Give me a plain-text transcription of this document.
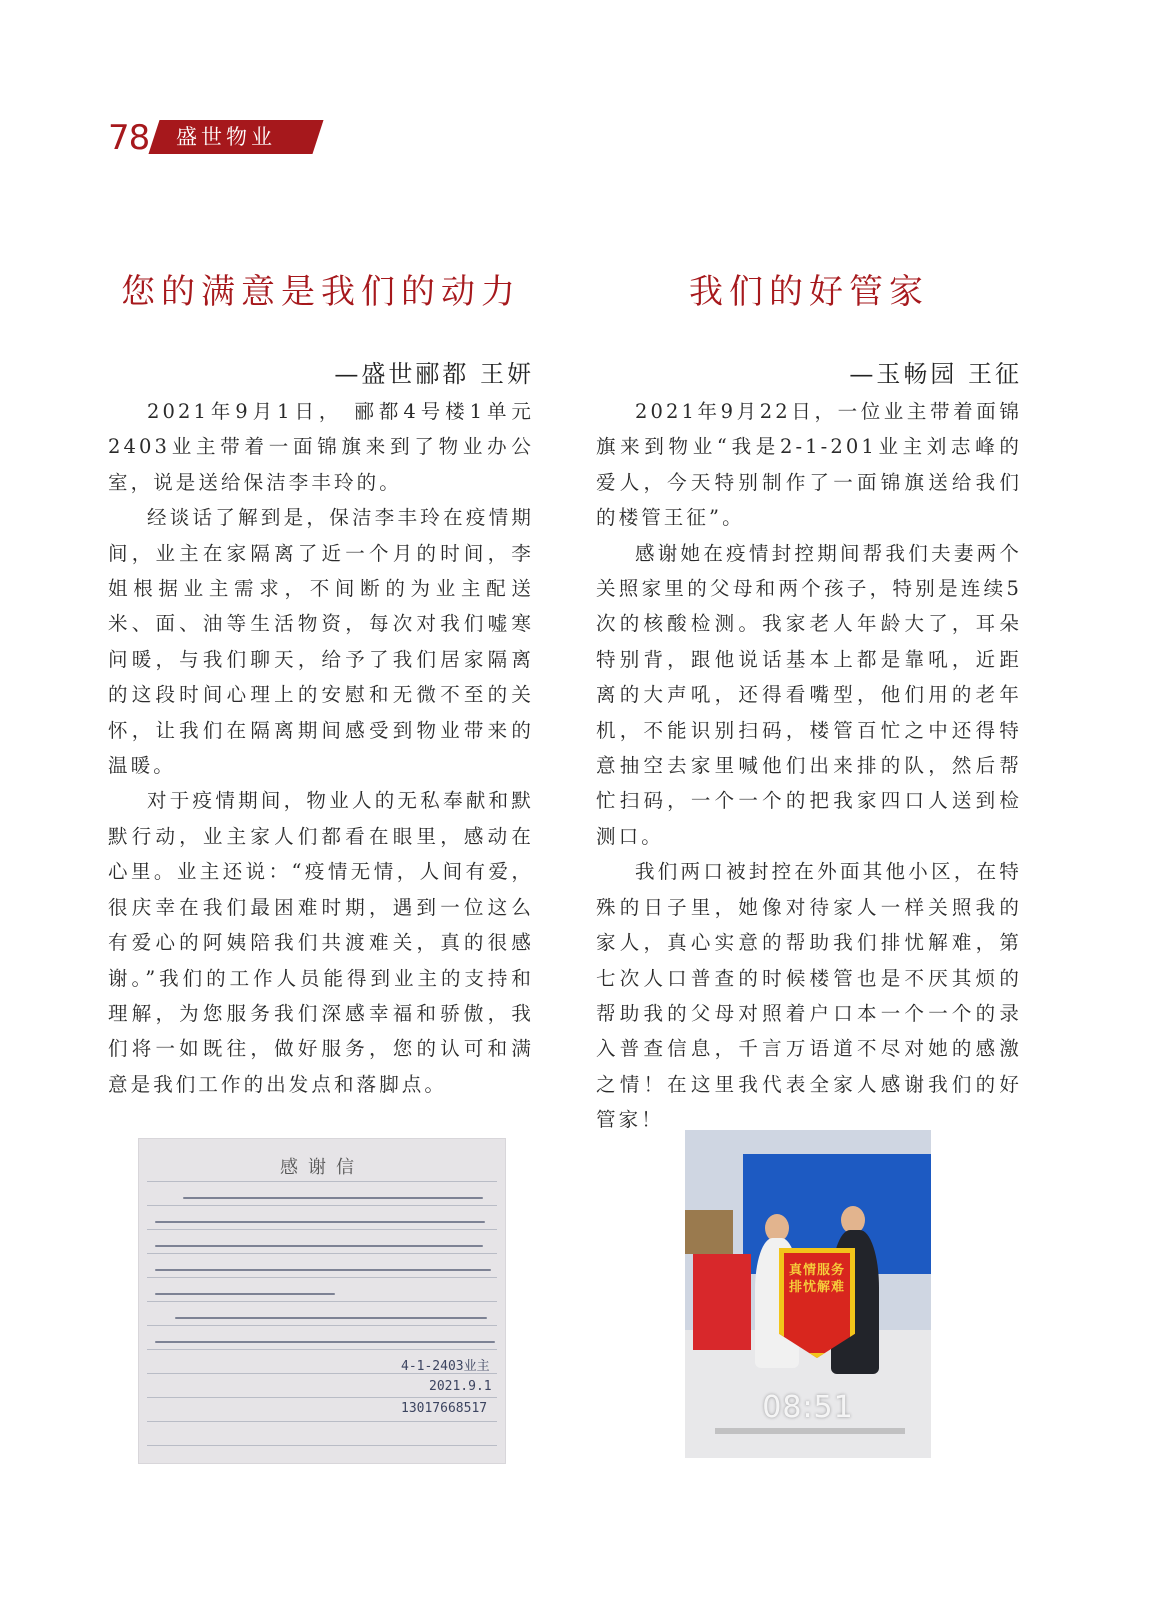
78	盛世物业
您的满意是我们的动力
—盛世郦都 王妍

2021年9月1日， 郦都4号楼1单元2403业主带着一面锦旗来到了物业办公室，说是送给保洁李丰玲的。

经谈话了解到是，保洁李丰玲在疫情期间，业主在家隔离了近一个月的时间，李姐根据业主需求，不间断的为业主配送米、面、油等生活物资，每次对我们嘘寒问暖，与我们聊天，给予了我们居家隔离的这段时间心理上的安慰和无微不至的关怀，让我们在隔离期间感受到物业带来的温暖。

对于疫情期间，物业人的无私奉献和默默行动，业主家人们都看在眼里，感动在心里。业主还说：“疫情无情，人间有爱，很庆幸在我们最困难时期，遇到一位这么有爱心的阿姨陪我们共渡难关，真的很感谢。”我们的工作人员能得到业主的支持和理解，为您服务我们深感幸福和骄傲，我们将一如既往，做好服务，您的认可和满意是我们工作的出发点和落脚点。

我们的好管家
—玉畅园 王征

2021年9月22日，一位业主带着面锦旗来到物业“我是2-1-201业主刘志峰的爱人，今天特别制作了一面锦旗送给我们的楼管王征”。

感谢她在疫情封控期间帮我们夫妻两个关照家里的父母和两个孩子，特别是连续5次的核酸检测。我家老人年龄大了，耳朵特别背，跟他说话基本上都是靠吼，近距离的大声吼，还得看嘴型，他们用的老年机，不能识别扫码，楼管百忙之中还得特意抽空去家里喊他们出来排的队，然后帮忙扫码，一个一个的把我家四口人送到检测口。

我们两口被封控在外面其他小区，在特殊的日子里，她像对待家人一样关照我的家人，真心实意的帮助我们排忧解难，第七次人口普查的时候楼管也是不厌其烦的帮助我的父母对照着户口本一个一个的录入普查信息，千言万语道不尽对她的感激之情！在这里我代表全家人感谢我们的好管家！

感谢信
4-1-2403业主
2021.9.1
13017668517
真情服务排忧解难
08:51
